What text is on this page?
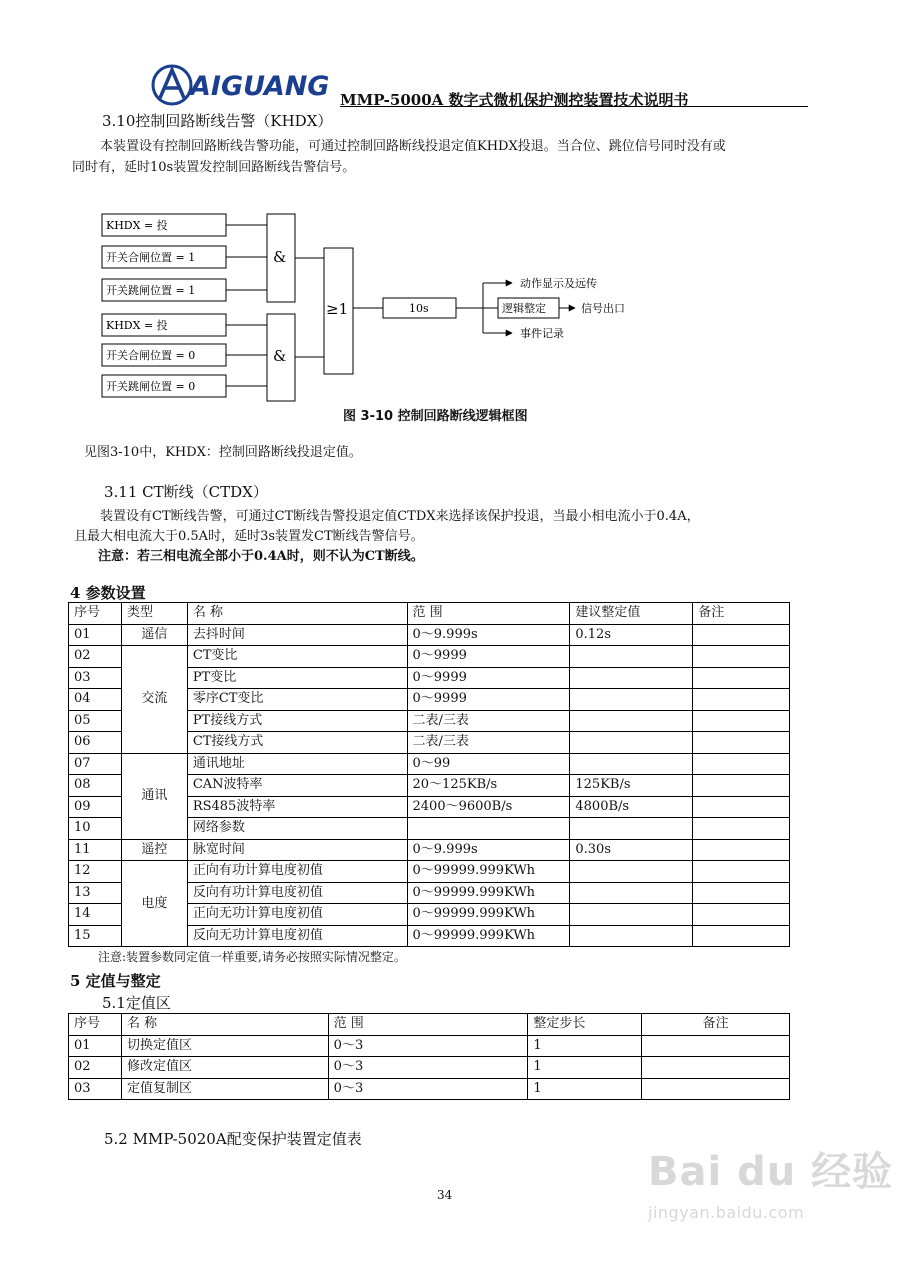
AIGUANG MMP-5000A 数字式微机保护测控装置技术说明书
3.10控制回路断线告警（KHDX）
本装置设有控制回路断线告警功能，可通过控制回路断线投退定值KHDX投退。当合位、跳位信号同时没有或
同时有，延时10s装置发控制回路断线告警信号。
KHDX = 投
开关合闸位置 = 1
开关跳闸位置 = 1
KHDX = 投
开关合闸位置 = 0
开关跳闸位置 = 0
&
&
≥1	10s	逻辑整定
动作显示及远传
信号出口
事件记录
图 3-10 控制回路断线逻辑框图
见图3-10中，KHDX：控制回路断线投退定值。
3.11 CT断线（CTDX）
装置设有CT断线告警，可通过CT断线告警投退定值CTDX来选择该保护投退，当最小相电流小于0.4A，
且最大相电流大于0.5A时，延时3s装置发CT断线告警信号。
注意：若三相电流全部小于0.4A时，则不认为CT断线。
4 参数设置
序号	类型	名 称	范 围	建议整定值	备注
01	遥信	去抖时间	0～9.999s	0.12s	
02	交流	CT变比	0～9999		
03		PT变比	0～9999		
04		零序CT变比	0～9999		
05		PT接线方式	二表/三表		
06		CT接线方式	二表/三表		
07	通讯	通讯地址	0～99		
08		CAN波特率	20～125KB/s	125KB/s	
09		RS485波特率	2400～9600B/s	4800B/s	
10		网络参数			
11	遥控	脉宽时间	0～9.999s	0.30s	
12	电度	正向有功计算电度初值	0～99999.999KWh		
13		反向有功计算电度初值	0～99999.999KWh		
14		正向无功计算电度初值	0～99999.999KWh		
15		反向无功计算电度初值	0～99999.999KWh		
注意:装置参数同定值一样重要,请务必按照实际情况整定。
5 定值与整定
5.1定值区
序号	名 称	范 围	整定步长	备注
01	切换定值区	0～3	1	
02	修改定值区	0～3	1	
03	定值复制区	0～3	1	
5.2 MMP-5020A配变保护装置定值表
34	Bai du 经验
jingyan.baidu.com
